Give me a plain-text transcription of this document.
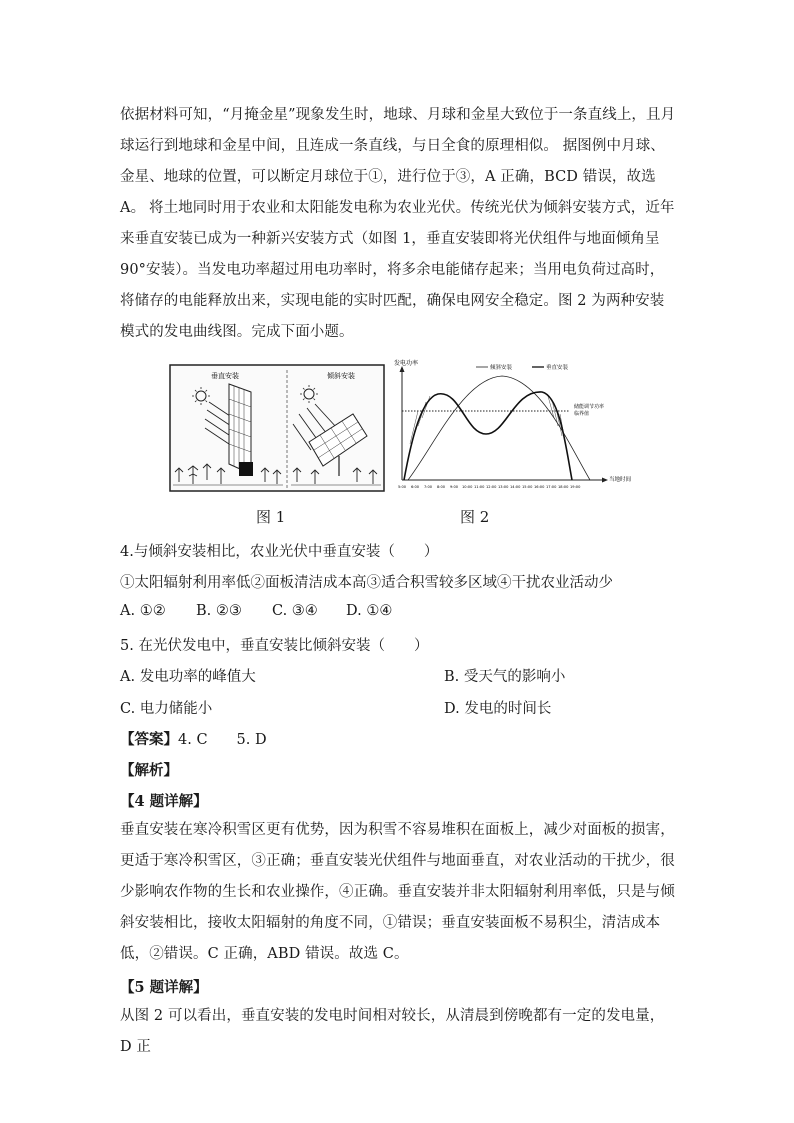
依据材料可知，“月掩金星”现象发生时，地球、月球和金星大致位于一条直线上，且月球运行到地球和金星中间，且连成一条直线，与日全食的原理相似。 据图例中月球、金星、地球的位置，可以断定月球位于①，进行位于③，A 正确，BCD 错误，故选 A。 将土地同时用于农业和太阳能发电称为农业光伏。传统光伏为倾斜安装方式，近年来垂直安装已成为一种新兴安装方式（如图 1，垂直安装即将光伏组件与地面倾角呈 90°安装）。当发电功率超过用电功率时，将多余电能储存起来；当用电负荷过高时，将储存的电能释放出来，实现电能的实时匹配，确保电网安全稳定。图 2 为两种安装模式的发电曲线图。完成下面小题。
垂直安装	倾斜安装
图 1
发电功率
当地时间
倾斜安装	垂直安装
储能调节功率
临界值
5:00 6:00 7:00 8:00 9:00 10:00 11:00 12:00 13:00 14:00 15:00 16:00 17:00 18:00 19:00
图 2
4.与倾斜安装相比，农业光伏中垂直安装（　　）
①太阳辐射利用率低②面板清洁成本高③适合积雪较多区域④干扰农业活动少
A. ①② B. ②③ C. ③④ D. ①④
5. 在光伏发电中，垂直安装比倾斜安装（　　）
A. 发电功率的峰值大	B. 受天气的影响小
C. 电力储能小	D. 发电的时间长
【答案】4. C　　5. D
【解析】
【4 题详解】
垂直安装在寒冷积雪区更有优势，因为积雪不容易堆积在面板上，减少对面板的损害，更适于寒冷积雪区，③正确；垂直安装光伏组件与地面垂直，对农业活动的干扰少，很少影响农作物的生长和农业操作，④正确。垂直安装并非太阳辐射利用率低，只是与倾斜安装相比，接收太阳辐射的角度不同，①错误；垂直安装面板不易积尘，清洁成本低，②错误。C 正确，ABD 错误。故选 C。
【5 题详解】
从图 2 可以看出，垂直安装的发电时间相对较长，从清晨到傍晚都有一定的发电量，D 正
